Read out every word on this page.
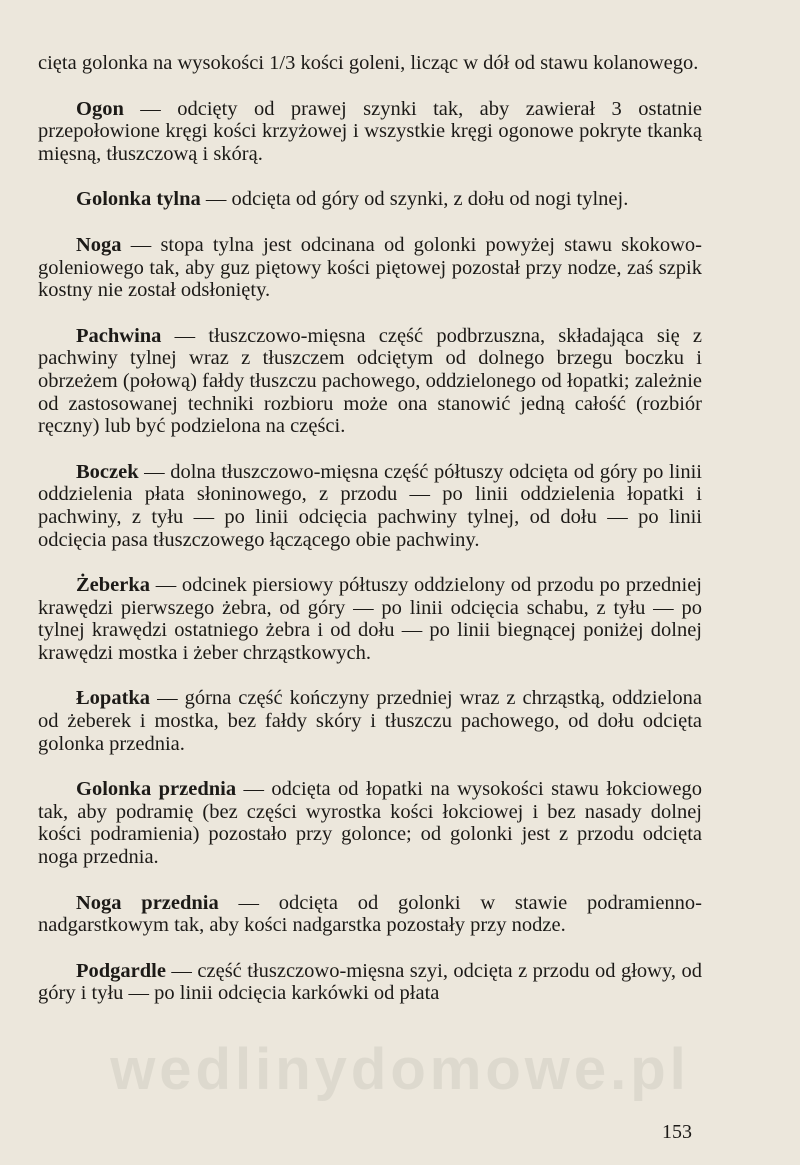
cięta golonka na wysokości 1/3 kości goleni, licząc w dół od stawu kolanowego.

Ogon — odcięty od prawej szynki tak, aby zawierał 3 ostatnie przepołowione kręgi kości krzyżowej i wszystkie kręgi ogonowe pokryte tkanką mięsną, tłuszczową i skórą.

Golonka tylna — odcięta od góry od szynki, z dołu od nogi tylnej.

Noga — stopa tylna jest odcinana od golonki powyżej stawu skokowo-goleniowego tak, aby guz piętowy kości piętowej pozostał przy nodze, zaś szpik kostny nie został odsłonięty.

Pachwina — tłuszczowo-mięsna część podbrzuszna, składająca się z pachwiny tylnej wraz z tłuszczem odciętym od dolnego brzegu boczku i obrzeżem (połową) fałdy tłuszczu pachowego, oddzielonego od łopatki; zależnie od zastosowanej techniki rozbioru może ona stanowić jedną całość (rozbiór ręczny) lub być podzielona na części.

Boczek — dolna tłuszczowo-mięsna część półtuszy odcięta od góry po linii oddzielenia płata słoninowego, z przodu — po linii oddzielenia łopatki i pachwiny, z tyłu — po linii odcięcia pachwiny tylnej, od dołu — po linii odcięcia pasa tłuszczowego łączącego obie pachwiny.

Żeberka — odcinek piersiowy półtuszy oddzielony od przodu po przedniej krawędzi pierwszego żebra, od góry — po linii odcięcia schabu, z tyłu — po tylnej krawędzi ostatniego żebra i od dołu — po linii biegnącej poniżej dolnej krawędzi mostka i żeber chrząstkowych.

Łopatka — górna część kończyny przedniej wraz z chrząstką, oddzielona od żeberek i mostka, bez fałdy skóry i tłuszczu pachowego, od dołu odcięta golonka przednia.

Golonka przednia — odcięta od łopatki na wysokości stawu łokciowego tak, aby podramię (bez części wyrostka kości łokciowej i bez nasady dolnej kości podramienia) pozostało przy golonce; od golonki jest z przodu odcięta noga przednia.

Noga przednia — odcięta od golonki w stawie podramienno-nadgarstkowym tak, aby kości nadgarstka pozostały przy nodze.

Podgardle — część tłuszczowo-mięsna szyi, odcięta z przodu od głowy, od góry i tyłu — po linii odcięcia karkówki od płata

wedlinydomowe.pl
153
